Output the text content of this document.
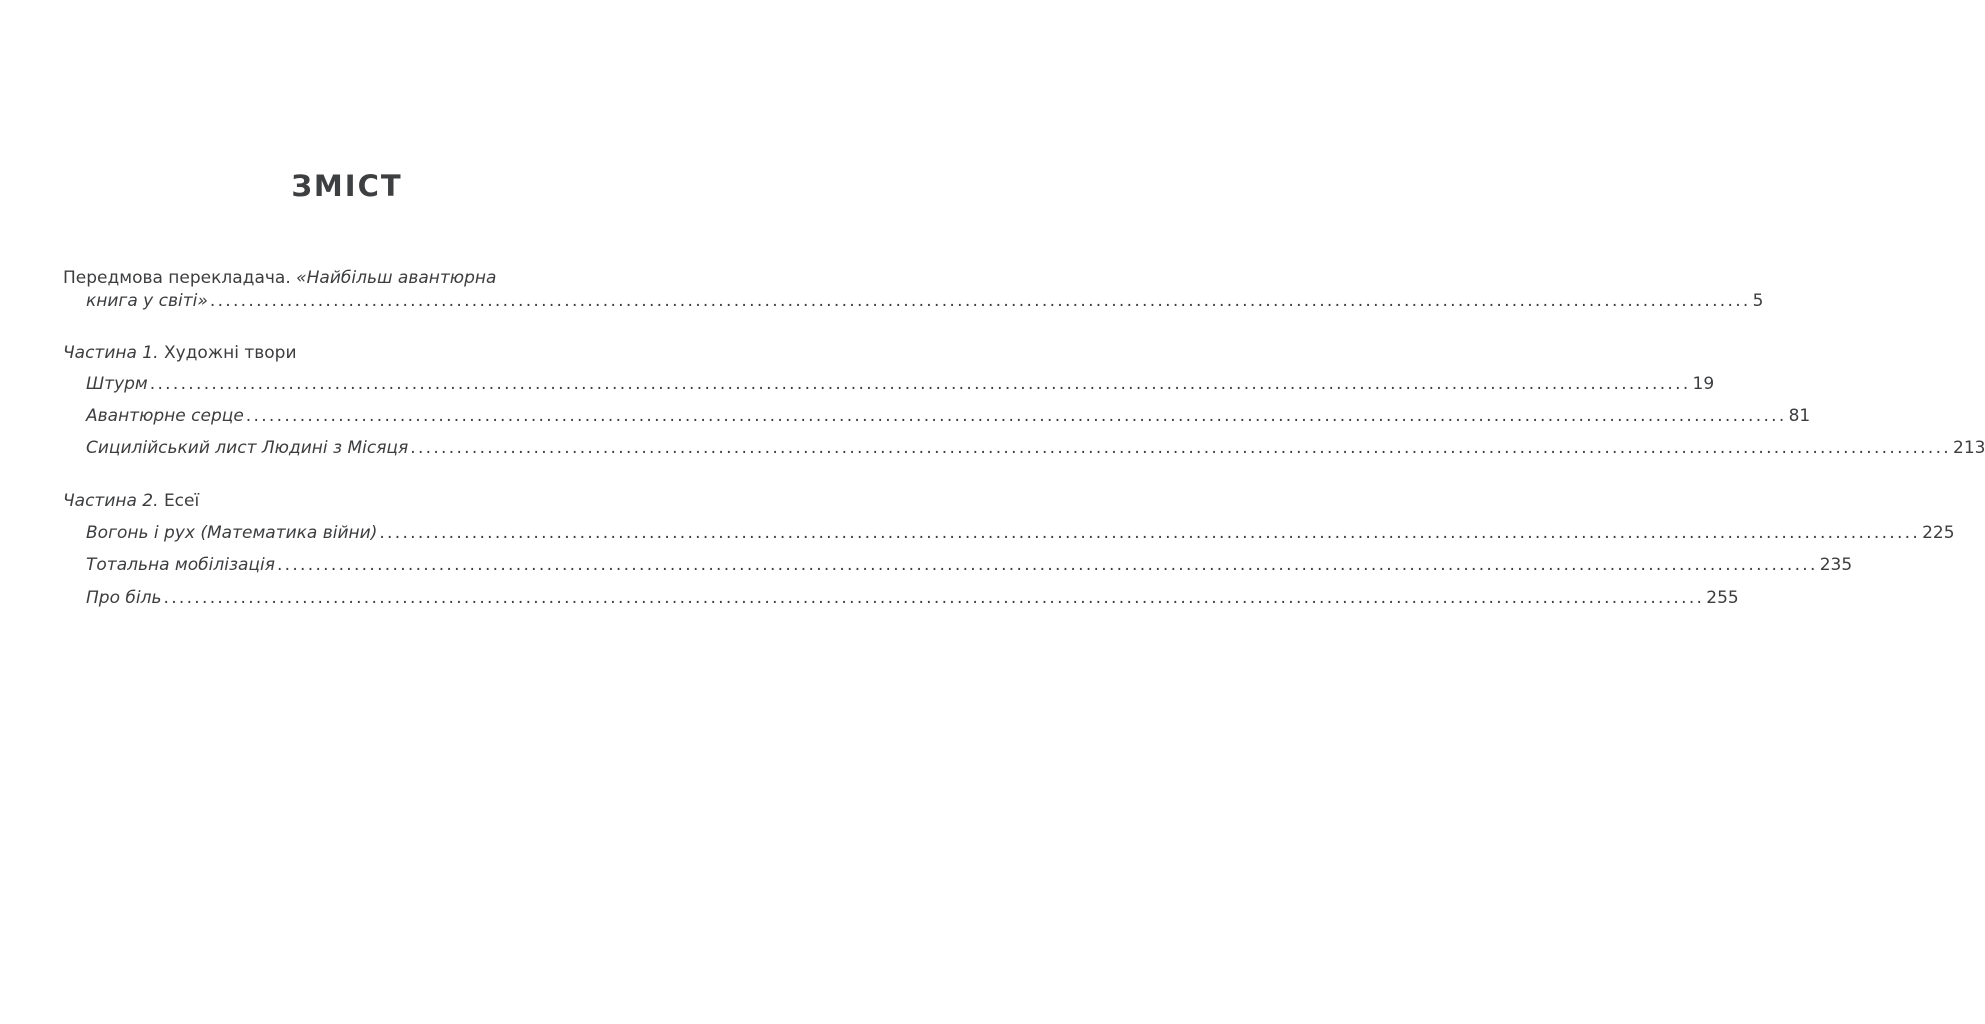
ЗМІСТ
Передмова перекладача. «Найбільш авантюрна
книга у світі» ........................................................................................................................................................................................................ 5
Частина 1. Художні твори
Штурм ........................................................................................................................................................................................................ 19
Авантюрне серце ........................................................................................................................................................................................................ 81
Сицилійський лист Людині з Місяця ........................................................................................................................................................................................................ 213
Частина 2. Есеї
Вогонь і рух (Математика війни) ........................................................................................................................................................................................................ 225
Тотальна мобілізація ........................................................................................................................................................................................................ 235
Про біль ........................................................................................................................................................................................................ 255
